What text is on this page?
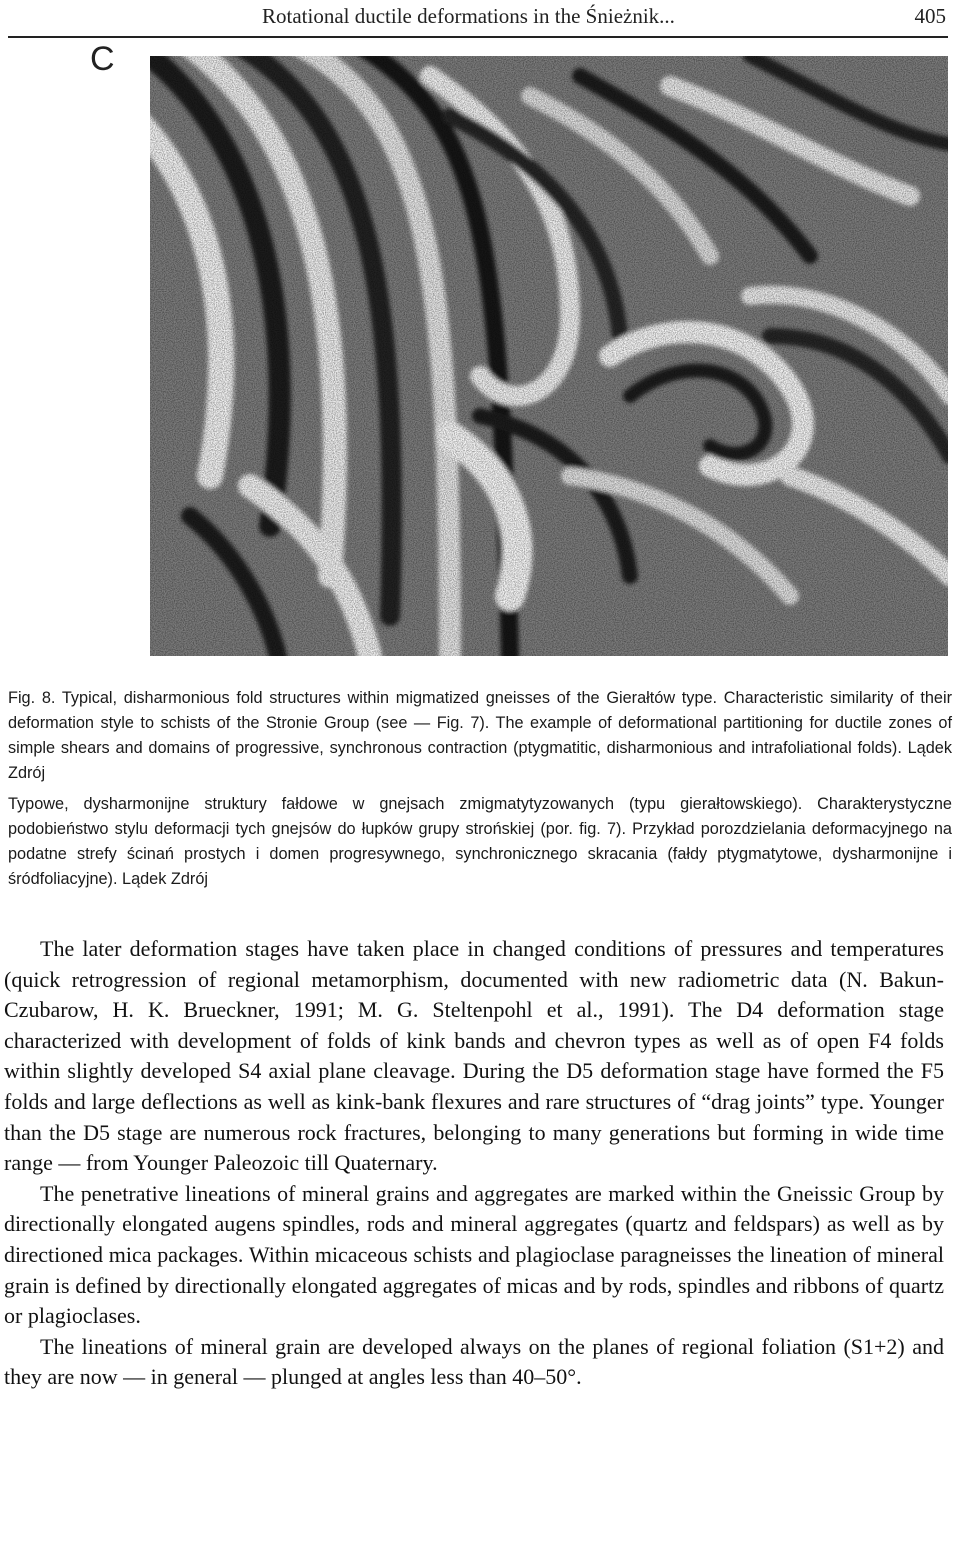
Rotational ductile deformations in the Śnieżnik...	405
C

Fig. 8. Typical, disharmonious fold structures within migmatized gneisses of the Gierałtów type. Characteristic similarity of their deformation style to schists of the Stronie Group (see — Fig. 7). The example of deformational partitioning for ductile zones of simple shears and domains of progressive, synchronous contraction (ptygmatitic, disharmonious and intrafoliational folds). Lądek Zdrój

Typowe, dysharmonijne struktury fałdowe w gnejsach zmigmatytyzowanych (typu gierałtowskiego). Charakterystyczne podobieństwo stylu deformacji tych gnejsów do łupków grupy strońskiej (por. fig. 7). Przykład porozdzielania deformacyjnego na podatne strefy ścinań prostych i domen progresywnego, synchronicznego skracania (fałdy ptygmatytowe, dysharmonijne i śródfoliacyjne). Lądek Zdrój

The later deformation stages have taken place in changed conditions of pressures and temperatures (quick retrogression of regional metamorphism, documented with new radiometric data (N. Bakun-Czubarow, H. K. Brueckner, 1991; M. G. Steltenpohl et al., 1991). The D4 deformation stage characterized with development of folds of kink bands and chevron types as well as of open F4 folds within slightly developed S4 axial plane cleavage. During the D5 deformation stage have formed the F5 folds and large deflections as well as kink-bank flexures and rare structures of “drag joints” type. Younger than the D5 stage are numerous rock fractures, belonging to many generations but forming in wide time range — from Younger Paleozoic till Quaternary.

The penetrative lineations of mineral grains and aggregates are marked within the Gneissic Group by directionally elongated augens spindles, rods and mineral aggregates (quartz and feldspars) as well as by directioned mica packages. Within micaceous schists and plagioclase paragneisses the lineation of mineral grain is defined by directionally elongated aggregates of micas and by rods, spindles and ribbons of quartz or plagioclases.

The lineations of mineral grain are developed always on the planes of regional foliation (S1+2) and they are now — in general — plunged at angles less than 40–50°.
